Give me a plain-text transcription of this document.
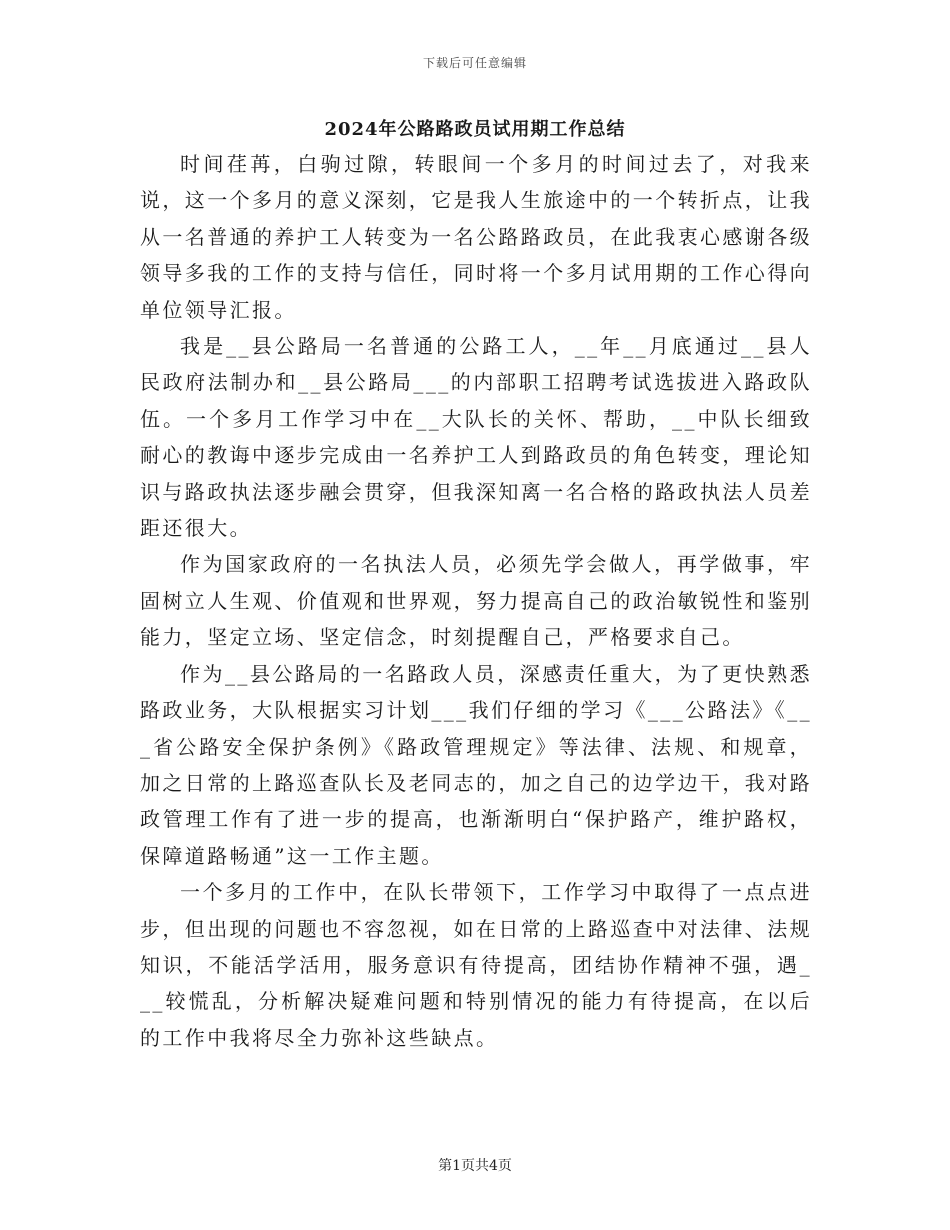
下载后可任意编辑
2024年公路路政员试用期工作总结

时间荏苒，白驹过隙，转眼间一个多月的时间过去了，对我来说，这一个多月的意义深刻，它是我人生旅途中的一个转折点，让我从一名普通的养护工人转变为一名公路路政员，在此我衷心感谢各级领导多我的工作的支持与信任，同时将一个多月试用期的工作心得向单位领导汇报。

我是__县公路局一名普通的公路工人，__年__月底通过__县人民政府法制办和__县公路局___的内部职工招聘考试选拔进入路政队伍。一个多月工作学习中在__大队长的关怀、帮助，__中队长细致耐心的教诲中逐步完成由一名养护工人到路政员的角色转变，理论知识与路政执法逐步融会贯穿，但我深知离一名合格的路政执法人员差距还很大。

作为国家政府的一名执法人员，必须先学会做人，再学做事，牢固树立人生观、价值观和世界观，努力提高自己的政治敏锐性和鉴别能力，坚定立场、坚定信念，时刻提醒自己，严格要求自己。

作为__县公路局的一名路政人员，深感责任重大，为了更快熟悉路政业务，大队根据实习计划___我们仔细的学习《___公路法》《___省公路安全保护条例》《路政管理规定》等法律、法规、和规章，加之日常的上路巡查队长及老同志的，加之自己的边学边干，我对路政管理工作有了进一步的提高，也渐渐明白“保护路产，维护路权，保障道路畅通”这一工作主题。

一个多月的工作中，在队长带领下，工作学习中取得了一点点进步，但出现的问题也不容忽视，如在日常的上路巡查中对法律、法规知识，不能活学活用，服务意识有待提高，团结协作精神不强，遇___较慌乱，分析解决疑难问题和特别情况的能力有待提高，在以后的工作中我将尽全力弥补这些缺点。

第1页共4页
